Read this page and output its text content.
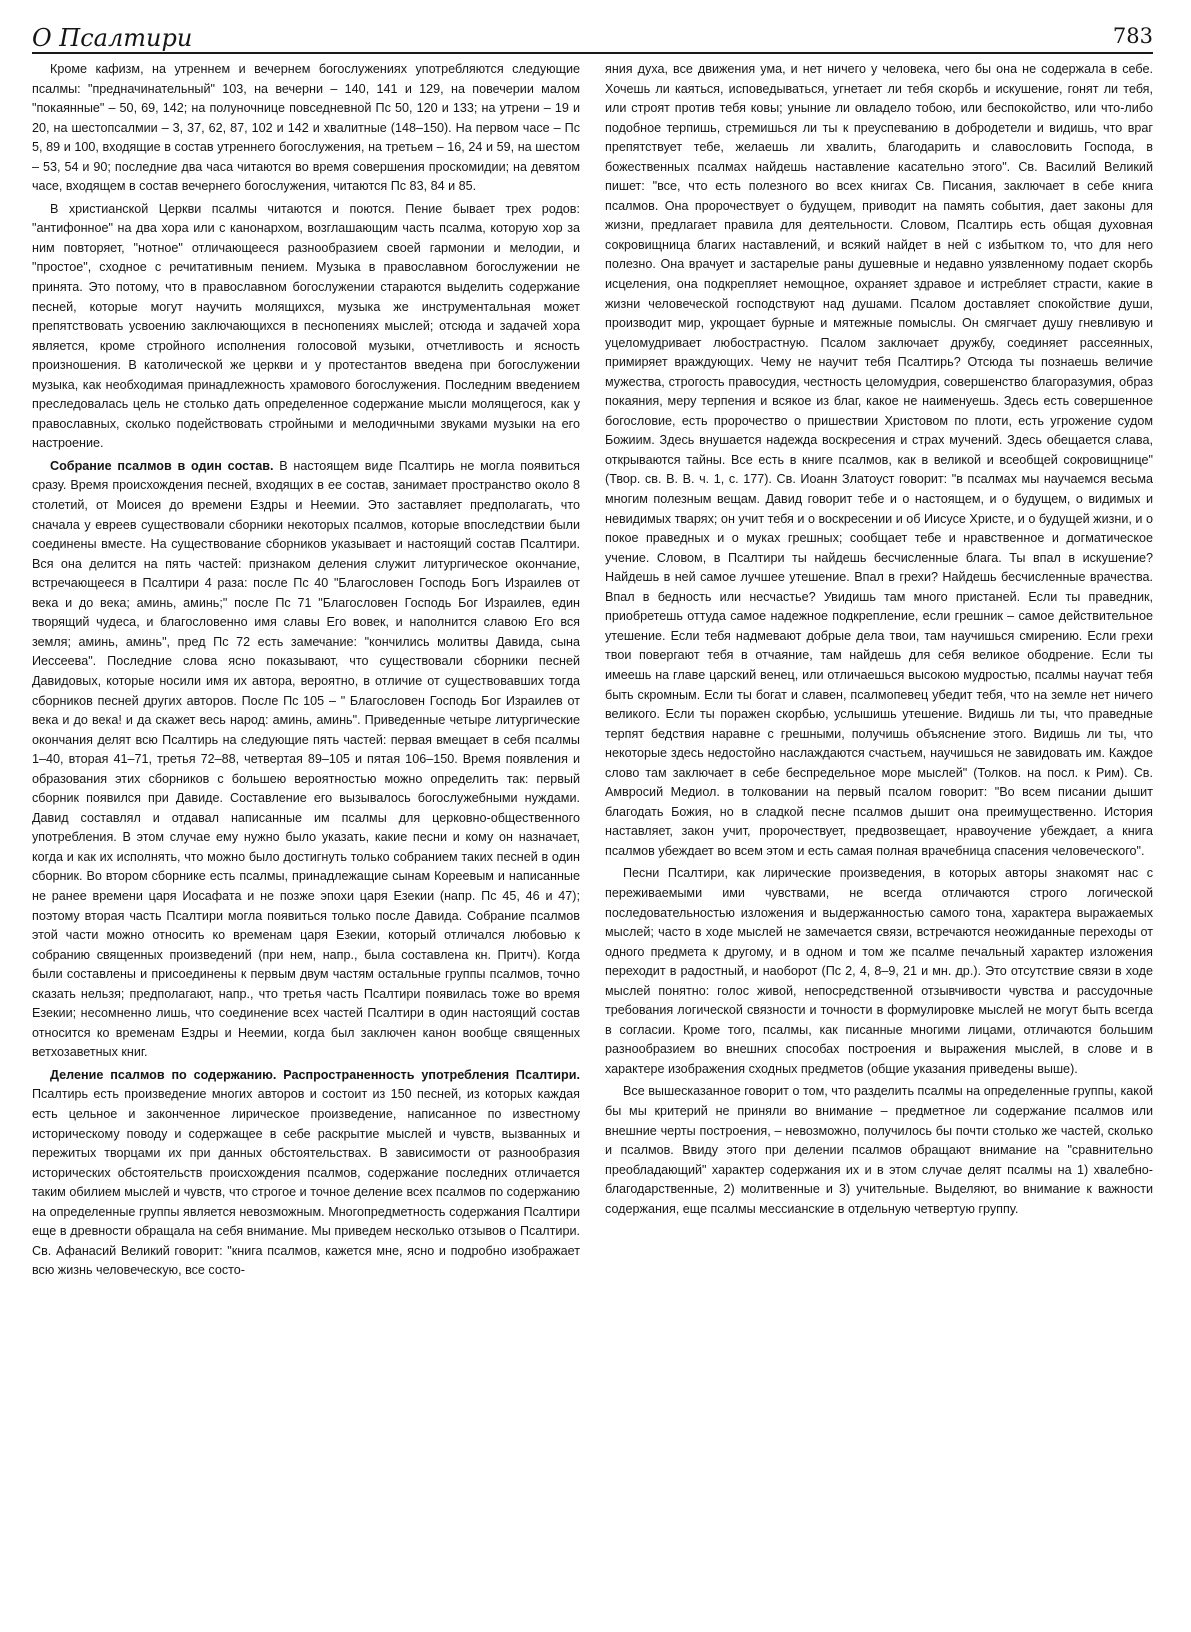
О Псалтири	783

Кроме кафизм, на утреннем и вечернем богослужениях употребляются следующие псалмы: "предначинательный" 103, на вечерни – 140, 141 и 129, на повечерии малом "покаянные" – 50, 69, 142; на полуночнице повседневной Пс 50, 120 и 133; на утрени – 19 и 20, на шестопсалмии – 3, 37, 62, 87, 102 и 142 и хвалитные (148–150). На первом часе – Пс 5, 89 и 100, входящие в состав утреннего богослужения, на третьем – 16, 24 и 59, на шестом – 53, 54 и 90; последние два часа читаются во время совершения проскомидии; на девятом часе, входящем в состав вечернего богослужения, читаются Пс 83, 84 и 85.

В христианской Церкви псалмы читаются и поются. Пение бывает трех родов: "антифонное" на два хора или с канонархом, возглашающим часть псалма, которую хор за ним повторяет, "нотное" отличающееся разнообразием своей гармонии и мелодии, и "простое", сходное с речитативным пением. Музыка в православном богослужении не принята. Это потому, что в православном богослужении стараются выделить содержание песней, которые могут научить молящихся, музыка же инструментальная может препятствовать усвоению заключающихся в песнопениях мыслей; отсюда и задачей хора является, кроме стройного исполнения голосовой музыки, отчетливость и ясность произношения. В католической же церкви и у протестантов введена при богослужении музыка, как необходимая принадлежность храмового богослужения. Последним введением преследовалась цель не столько дать определенное содержание мысли молящегося, как у православных, сколько подействовать стройными и мелодичными звуками музыки на его настроение.

Собрание псалмов в один состав. В настоящем виде Псалтирь не могла появиться сразу. Время происхождения песней, входящих в ее состав, занимает пространство около 8 столетий, от Моисея до времени Ездры и Неемии. Это заставляет предполагать, что сначала у евреев существовали сборники некоторых псалмов, которые впоследствии были соединены вместе. На существование сборников указывает и настоящий состав Псалтири. Вся она делится на пять частей: признаком деления служит литургическое окончание, встречающееся в Псалтири 4 раза: после Пс 40 "Благословен Господь Богъ Израилев от века и до века; аминь, аминь;" после Пс 71 "Благословен Господь Бог Израилев, един творящий чудеса, и благословенно имя славы Его вовек, и наполнится славою Его вся земля; аминь, аминь", пред Пс 72 есть замечание: "кончились молитвы Давида, сына Иессеева". Последние слова ясно показывают, что существовали сборники песней Давидовых, которые носили имя их автора, вероятно, в отличие от существовавших тогда сборников песней других авторов. После Пс 105 – " Благословен Господь Бог Израилев от века и до века! и да скажет весь народ: аминь, аминь". Приведенные четыре литургические окончания делят всю Псалтирь на следующие пять частей: первая вмещает в себя псалмы 1–40, вторая 41–71, третья 72–88, четвертая 89–105 и пятая 106–150. Время появления и образования этих сборников с большею вероятностью можно определить так: первый сборник появился при Давиде. Составление его вызывалось богослужебными нуждами. Давид составлял и отдавал написанные им псалмы для церковно-общественного употребления. В этом случае ему нужно было указать, какие песни и кому он назначает, когда и как их исполнять, что можно было достигнуть только собранием таких песней в один сборник. Во втором сборнике есть псалмы, принадлежащие сынам Кореевым и написанные не ранее времени царя Иосафата и не позже эпохи царя Езекии (напр. Пс 45, 46 и 47); поэтому вторая часть Псалтири могла появиться только после Давида. Собрание псалмов этой части можно относить ко временам царя Езекии, который отличался любовью к собранию священных произведений (при нем, напр., была составлена кн. Притч). Когда были составлены и присоединены к первым двум частям остальные группы псалмов, точно сказать нельзя; предполагают, напр., что третья часть Псалтири появилась тоже во время Езекии; несомненно лишь, что соединение всех частей Псалтири в один настоящий состав относится ко временам Ездры и Неемии, когда был заключен канон вообще священных ветхозаветных книг.

Деление псалмов по содержанию. Распространенность употребления Псалтири. Псалтирь есть произведение многих авторов и состоит из 150 песней, из которых каждая есть цельное и законченное лирическое произведение, написанное по известному историческому поводу и содержащее в себе раскрытие мыслей и чувств, вызванных и пережитых творцами их при данных обстоятельствах. В зависимости от разнообразия исторических обстоятельств происхождения псалмов, содержание последних отличается таким обилием мыслей и чувств, что строгое и точное деление всех псалмов по содержанию на определенные группы является невозможным. Многопредметность содержания Псалтири еще в древности обращала на себя внимание. Мы приведем несколько отзывов о Псалтири. Св. Афанасий Великий говорит: "книга псалмов, кажется мне, ясно и подробно изображает всю жизнь человеческую, все состо-

яния духа, все движения ума, и нет ничего у человека, чего бы она не содержала в себе. Хочешь ли каяться, исповедываться, угнетает ли тебя скорбь и искушение, гонят ли тебя, или строят против тебя ковы; уныние ли овладело тобою, или беспокойство, или что-либо подобное терпишь, стремишься ли ты к преуспеванию в добродетели и видишь, что враг препятствует тебе, желаешь ли хвалить, благодарить и славословить Господа, в божественных псалмах найдешь наставление касательно этого". Св. Василий Великий пишет: "все, что есть полезного во всех книгах Св. Писания, заключает в себе книга псалмов. Она пророчествует о будущем, приводит на память события, дает законы для жизни, предлагает правила для деятельности. Словом, Псалтирь есть общая духовная сокровищница благих наставлений, и всякий найдет в ней с избытком то, что для него полезно. Она врачует и застарелые раны душевные и недавно уязвленному подает скорбь исцеления, она подкрепляет немощное, охраняет здравое и истребляет страсти, какие в жизни человеческой господствуют над душами. Псалом доставляет спокойствие души, производит мир, укрощает бурные и мятежные помыслы. Он смягчает душу гневливую и уцеломудривает любострастную. Псалом заключает дружбу, соединяет рассеянных, примиряет враждующих. Чему не научит тебя Псалтирь? Отсюда ты познаешь величие мужества, строгость правосудия, честность целомудрия, совершенство благоразумия, образ покаяния, меру терпения и всякое из благ, какое не наименуешь. Здесь есть совершенное богословие, есть пророчество о пришествии Христовом по плоти, есть угрожение судом Божиим. Здесь внушается надежда воскресения и страх мучений. Здесь обещается слава, открываются тайны. Все есть в книге псалмов, как в великой и всеобщей сокровищнице" (Твор. св. В. В. ч. 1, с. 177). Св. Иоанн Златоуст говорит: "в псалмах мы научаемся весьма многим полезным вещам. Давид говорит тебе и о настоящем, и о будущем, о видимых и невидимых тварях; он учит тебя и о воскресении и об Иисусе Христе, и о будущей жизни, и о покое праведных и о муках грешных; сообщает тебе и нравственное и догматическое учение. Словом, в Псалтири ты найдешь бесчисленные блага. Ты впал в искушение? Найдешь в ней самое лучшее утешение. Впал в грехи? Найдешь бесчисленные врачества. Впал в бедность или несчастье? Увидишь там много пристаней. Если ты праведник, приобретешь оттуда самое надежное подкрепление, если грешник – самое действительное утешение. Если тебя надмевают добрые дела твои, там научишься смирению. Если грехи твои повергают тебя в отчаяние, там найдешь для себя великое ободрение. Если ты имеешь на главе царский венец, или отличаешься высокою мудростью, псалмы научат тебя быть скромным. Если ты богат и славен, псалмопевец убедит тебя, что на земле нет ничего великого. Если ты поражен скорбью, услышишь утешение. Видишь ли ты, что праведные терпят бедствия наравне с грешными, получишь объяснение этого. Видишь ли ты, что некоторые здесь недостойно наслаждаются счастьем, научишься не завидовать им. Каждое слово там заключает в себе беспредельное море мыслей" (Толков. на посл. к Рим). Св. Амвросий Медиол. в толковании на первый псалом говорит: "Во всем писании дышит благодать Божия, но в сладкой песне псалмов дышит она преимущественно. История наставляет, закон учит, пророчествует, предвозвещает, нравоучение убеждает, а книга псалмов убеждает во всем этом и есть самая полная врачебница спасения человеческого".

Песни Псалтири, как лирические произведения, в которых авторы знакомят нас с переживаемыми ими чувствами, не всегда отличаются строго логической последовательностью изложения и выдержанностью самого тона, характера выражаемых мыслей; часто в ходе мыслей не замечается связи, встречаются неожиданные переходы от одного предмета к другому, и в одном и том же псалме печальный характер изложения переходит в радостный, и наоборот (Пс 2, 4, 8–9, 21 и мн. др.). Это отсутствие связи в ходе мыслей понятно: голос живой, непосредственной отзывчивости чувства и рассудочные требования логической связности и точности в формулировке мыслей не могут быть всегда в согласии. Кроме того, псалмы, как писанные многими лицами, отличаются большим разнообразием во внешних способах построения и выражения мыслей, в слове и в характере изображения сходных предметов (общие указания приведены выше).

Все вышесказанное говорит о том, что разделить псалмы на определенные группы, какой бы мы критерий не приняли во внимание – предметное ли содержание псалмов или внешние черты построения, – невозможно, получилось бы почти столько же частей, сколько и псалмов. Ввиду этого при делении псалмов обращают внимание на "сравнительно преобладающий" характер содержания их и в этом случае делят псалмы на 1) хвалебно-благодарственные, 2) молитвенные и 3) учительные. Выделяют, во внимание к важности содержания, еще псалмы мессианские в отдельную четвертую группу.
